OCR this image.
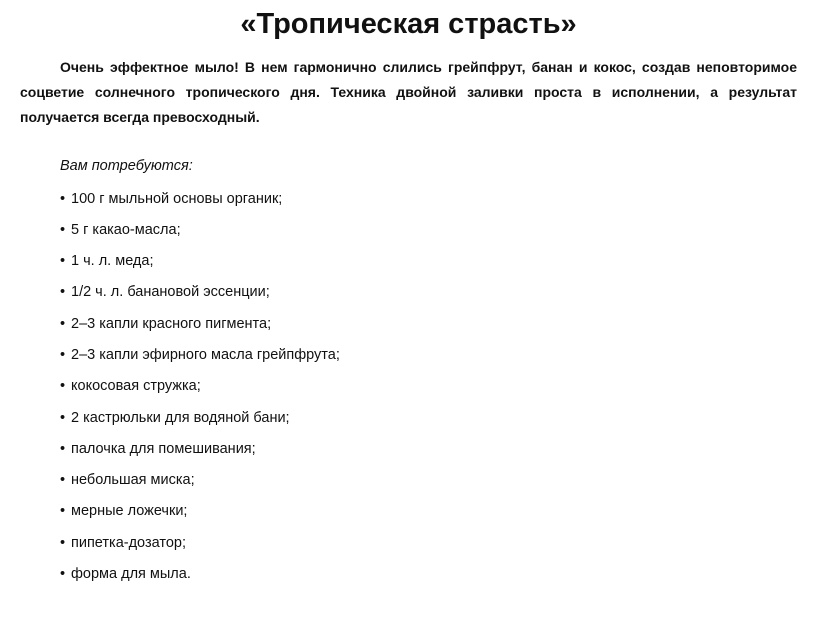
«Тропическая страсть»

Очень эффектное мыло! В нем гармонично слились грейпфрут, банан и кокос, создав неповторимое соцветие солнечного тропического дня. Техника двойной заливки проста в исполнении, а результат получается всегда превосходный.

Вам потребуются:

• 100 г мыльной основы органик;
• 5 г какао-масла;
• 1 ч. л. меда;
• 1/2 ч. л. банановой эссенции;
• 2–3 капли красного пигмента;
• 2–3 капли эфирного масла грейпфрута;
• кокосовая стружка;
• 2 кастрюльки для водяной бани;
• палочка для помешивания;
• небольшая миска;
• мерные ложечки;
• пипетка-дозатор;
• форма для мыла.
